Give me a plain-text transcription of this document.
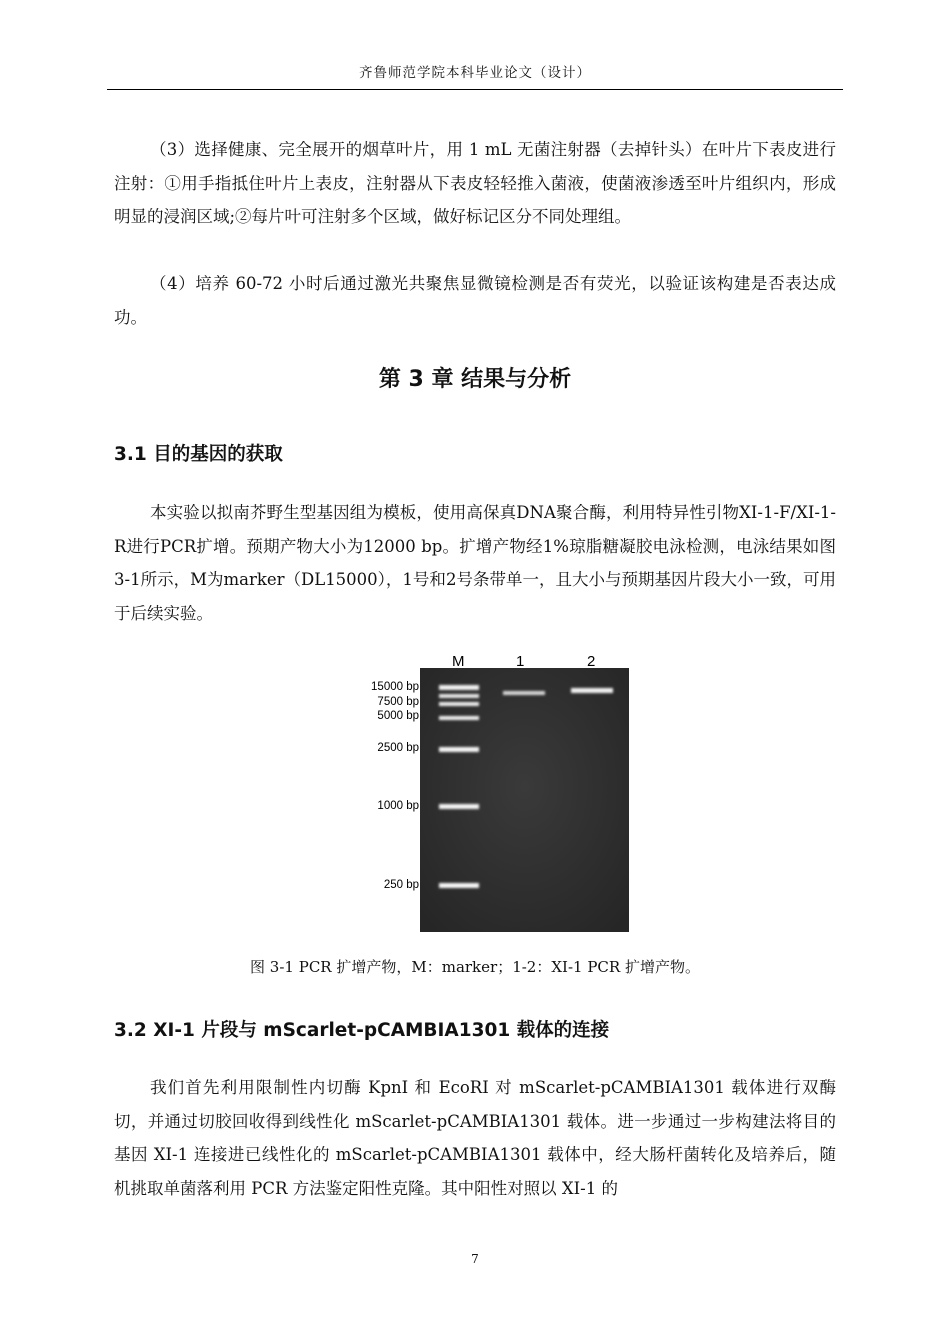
齐鲁师范学院本科毕业论文（设计）

（3）选择健康、完全展开的烟草叶片，用 1 mL 无菌注射器（去掉针头）在叶片下表皮进行注射：①用手指抵住叶片上表皮，注射器从下表皮轻轻推入菌液，使菌液渗透至叶片组织内，形成明显的浸润区域;②每片叶可注射多个区域，做好标记区分不同处理组。

（4）培养 60-72 小时后通过激光共聚焦显微镜检测是否有荧光，以验证该构建是否表达成功。

第 3 章 结果与分析
3.1 目的基因的获取

本实验以拟南芥野生型基因组为模板，使用高保真DNA聚合酶，利用特异性引物XI-1-F/XI-1-R进行PCR扩增。预期产物大小为12000 bp。扩增产物经1%琼脂糖凝胶电泳检测，电泳结果如图3-1所示，M为marker（DL15000），1号和2号条带单一，且大小与预期基因片段大小一致，可用于后续实验。

M	1	2
15000 bp
7500 bp
5000 bp
2500 bp
1000 bp
250 bp

图 3-1 PCR 扩增产物，M：marker；1-2：XI-1 PCR 扩增产物。

3.2 XI-1 片段与 mScarlet-pCAMBIA1301 载体的连接

我们首先利用限制性内切酶 KpnI 和 EcoRI 对 mScarlet-pCAMBIA1301 载体进行双酶切，并通过切胶回收得到线性化 mScarlet-pCAMBIA1301 载体。进一步通过一步构建法将目的基因 XI-1 连接进已线性化的 mScarlet-pCAMBIA1301 载体中，经大肠杆菌转化及培养后，随机挑取单菌落利用 PCR 方法鉴定阳性克隆。其中阳性对照以 XI-1 的

7
